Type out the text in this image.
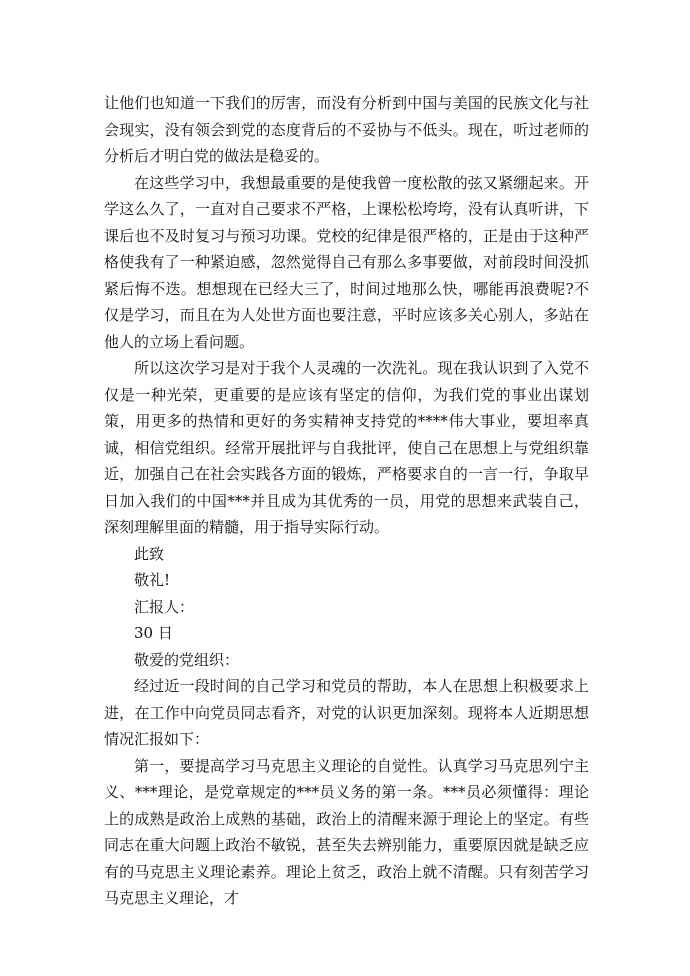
让他们也知道一下我们的厉害，而没有分析到中国与美国的民族文化与社会现实，没有领会到党的态度背后的不妥协与不低头。现在，听过老师的分析后才明白党的做法是稳妥的。

在这些学习中，我想最重要的是使我曾一度松散的弦又紧绷起来。开学这么久了，一直对自己要求不严格，上课松松垮垮，没有认真听讲，下课后也不及时复习与预习功课。党校的纪律是很严格的，正是由于这种严格使我有了一种紧迫感，忽然觉得自己有那么多事要做，对前段时间没抓紧后悔不迭。想想现在已经大三了，时间过地那么快，哪能再浪费呢?不仅是学习，而且在为人处世方面也要注意，平时应该多关心别人，多站在他人的立场上看问题。

所以这次学习是对于我个人灵魂的一次洗礼。现在我认识到了入党不仅是一种光荣，更重要的是应该有坚定的信仰，为我们党的事业出谋划策，用更多的热情和更好的务实精神支持党的****伟大事业，要坦率真诚，相信党组织。经常开展批评与自我批评，使自己在思想上与党组织靠近，加强自己在社会实践各方面的锻炼，严格要求自的一言一行，争取早日加入我们的中国***并且成为其优秀的一员，用党的思想来武装自己，深刻理解里面的精髓，用于指导实际行动。

此致

敬礼!

汇报人：

30 日

敬爱的党组织：

经过近一段时间的自己学习和党员的帮助，本人在思想上积极要求上进，在工作中向党员同志看齐，对党的认识更加深刻。现将本人近期思想情况汇报如下：

第一，要提高学习马克思主义理论的自觉性。认真学习马克思列宁主义、***理论，是党章规定的***员义务的第一条。***员必须懂得：理论上的成熟是政治上成熟的基础，政治上的清醒来源于理论上的坚定。有些同志在重大问题上政治不敏锐，甚至失去辨别能力，重要原因就是缺乏应有的马克思主义理论素养。理论上贫乏，政治上就不清醒。只有刻苦学习马克思主义理论，才
